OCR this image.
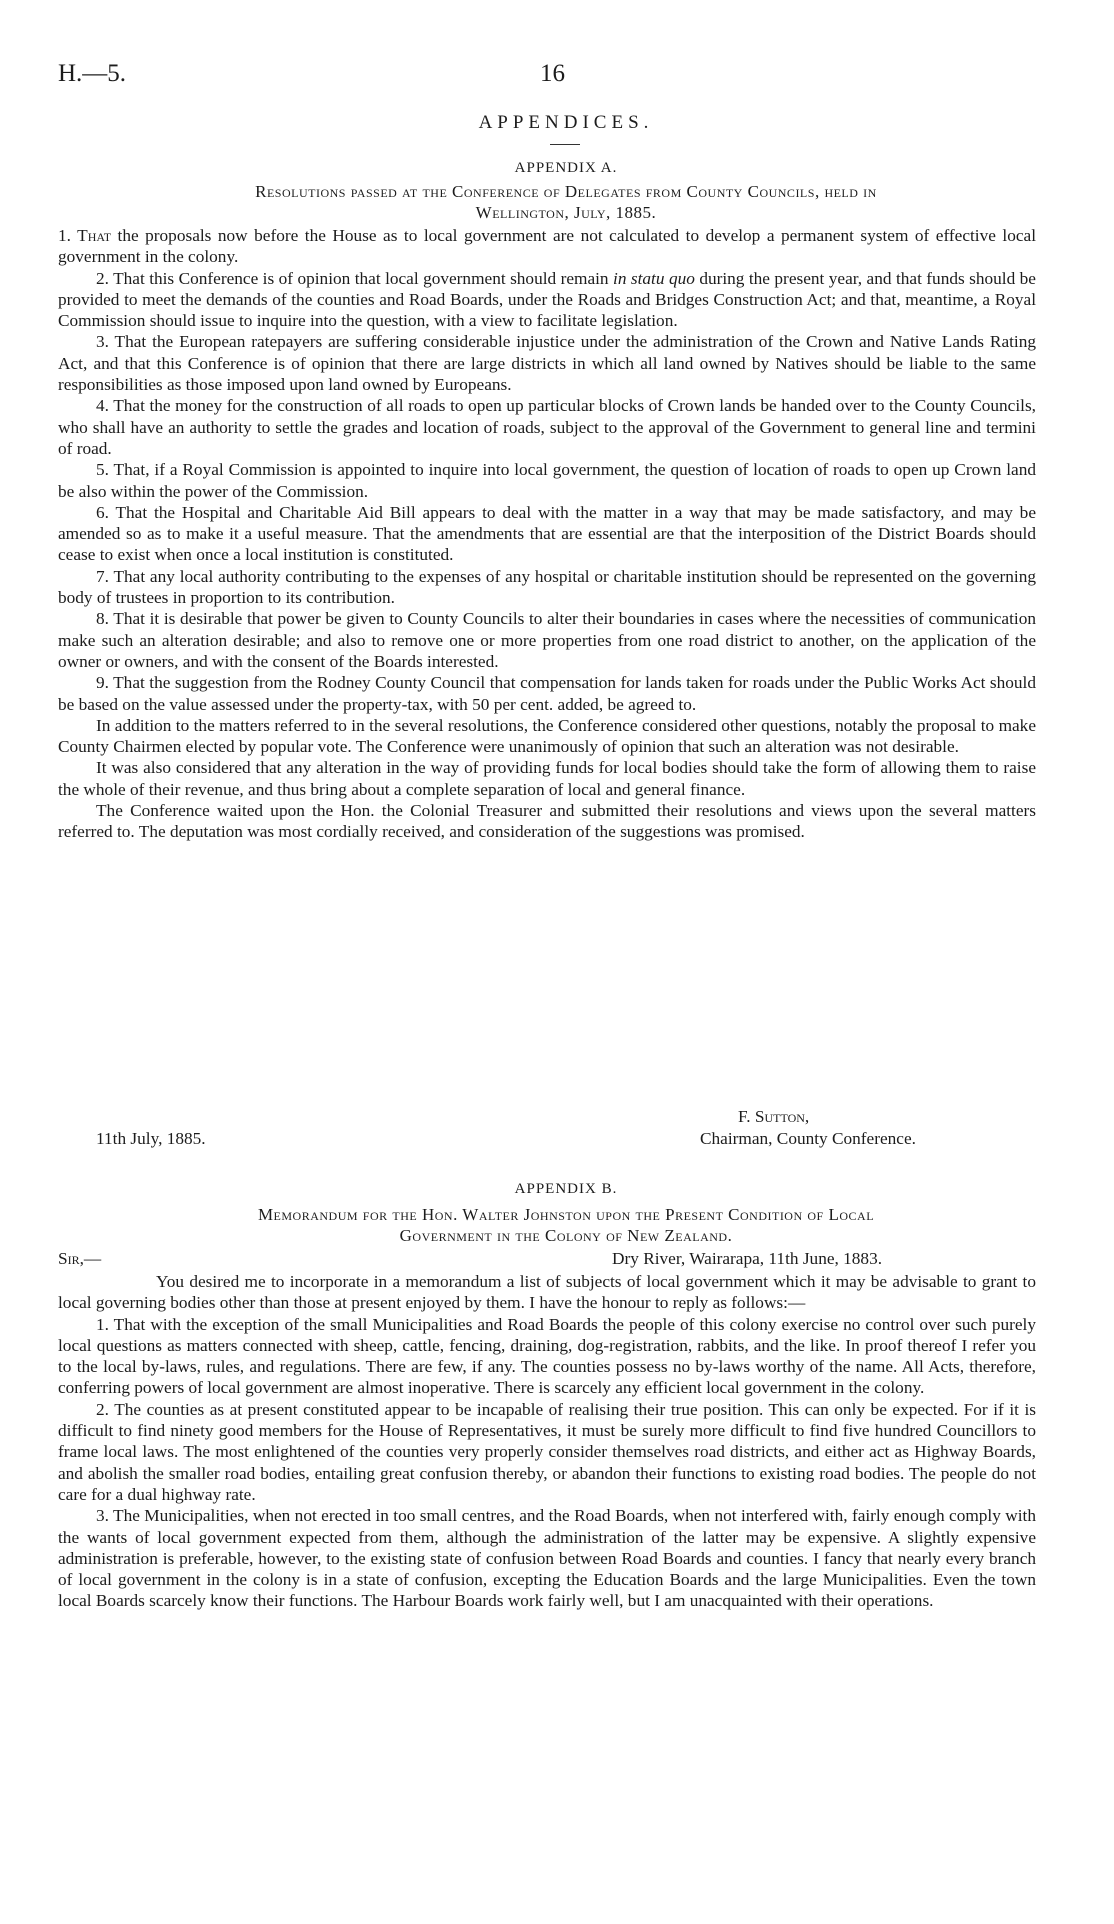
H.—5.	16
APPENDICES.
APPENDIX A.
Resolutions passed at the Conference of Delegates from County Councils, held in
Wellington, July, 1885.

1. That the proposals now before the House as to local government are not calculated to develop a permanent system of effective local government in the colony.

2. That this Conference is of opinion that local government should remain in statu quo during the present year, and that funds should be provided to meet the demands of the counties and Road Boards, under the Roads and Bridges Construction Act; and that, meantime, a Royal Commission should issue to inquire into the question, with a view to facilitate legislation.

3. That the European ratepayers are suffering considerable injustice under the administration of the Crown and Native Lands Rating Act, and that this Conference is of opinion that there are large districts in which all land owned by Natives should be liable to the same responsibilities as those imposed upon land owned by Europeans.

4. That the money for the construction of all roads to open up particular blocks of Crown lands be handed over to the County Councils, who shall have an authority to settle the grades and location of roads, subject to the approval of the Government to general line and termini of road.

5. That, if a Royal Commission is appointed to inquire into local government, the question of location of roads to open up Crown land be also within the power of the Commission.

6. That the Hospital and Charitable Aid Bill appears to deal with the matter in a way that may be made satisfactory, and may be amended so as to make it a useful measure. That the amendments that are essential are that the interposition of the District Boards should cease to exist when once a local institution is constituted.

7. That any local authority contributing to the expenses of any hospital or charitable institution should be represented on the governing body of trustees in proportion to its contribution.

8. That it is desirable that power be given to County Councils to alter their boundaries in cases where the necessities of communication make such an alteration desirable; and also to remove one or more properties from one road district to another, on the application of the owner or owners, and with the consent of the Boards interested.

9. That the suggestion from the Rodney County Council that compensation for lands taken for roads under the Public Works Act should be based on the value assessed under the property-tax, with 50 per cent. added, be agreed to.

In addition to the matters referred to in the several resolutions, the Conference considered other questions, notably the proposal to make County Chairmen elected by popular vote. The Conference were unanimously of opinion that such an alteration was not desirable.

It was also considered that any alteration in the way of providing funds for local bodies should take the form of allowing them to raise the whole of their revenue, and thus bring about a complete separation of local and general finance.

The Conference waited upon the Hon. the Colonial Treasurer and submitted their resolutions and views upon the several matters referred to. The deputation was most cordially received, and consideration of the suggestions was promised.

F. Sutton,
11th July, 1885.	Chairman, County Conference.
APPENDIX B.
Memorandum for the Hon. Walter Johnston upon the Present Condition of Local
Government in the Colony of New Zealand.
Sir,—	Dry River, Wairarapa, 11th June, 1883.

You desired me to incorporate in a memorandum a list of subjects of local government which it may be advisable to grant to local governing bodies other than those at present enjoyed by them. I have the honour to reply as follows:—

1. That with the exception of the small Municipalities and Road Boards the people of this colony exercise no control over such purely local questions as matters connected with sheep, cattle, fencing, draining, dog-registration, rabbits, and the like. In proof thereof I refer you to the local by-laws, rules, and regulations. There are few, if any. The counties possess no by-laws worthy of the name. All Acts, therefore, conferring powers of local government are almost inoperative. There is scarcely any efficient local government in the colony.

2. The counties as at present constituted appear to be incapable of realising their true position. This can only be expected. For if it is difficult to find ninety good members for the House of Representatives, it must be surely more difficult to find five hundred Councillors to frame local laws. The most enlightened of the counties very properly consider themselves road districts, and either act as Highway Boards, and abolish the smaller road bodies, entailing great confusion thereby, or abandon their functions to existing road bodies. The people do not care for a dual highway rate.

3. The Municipalities, when not erected in too small centres, and the Road Boards, when not interfered with, fairly enough comply with the wants of local government expected from them, although the administration of the latter may be expensive. A slightly expensive administration is preferable, however, to the existing state of confusion between Road Boards and counties. I fancy that nearly every branch of local government in the colony is in a state of confusion, excepting the Education Boards and the large Municipalities. Even the town local Boards scarcely know their functions. The Harbour Boards work fairly well, but I am unacquainted with their operations.
